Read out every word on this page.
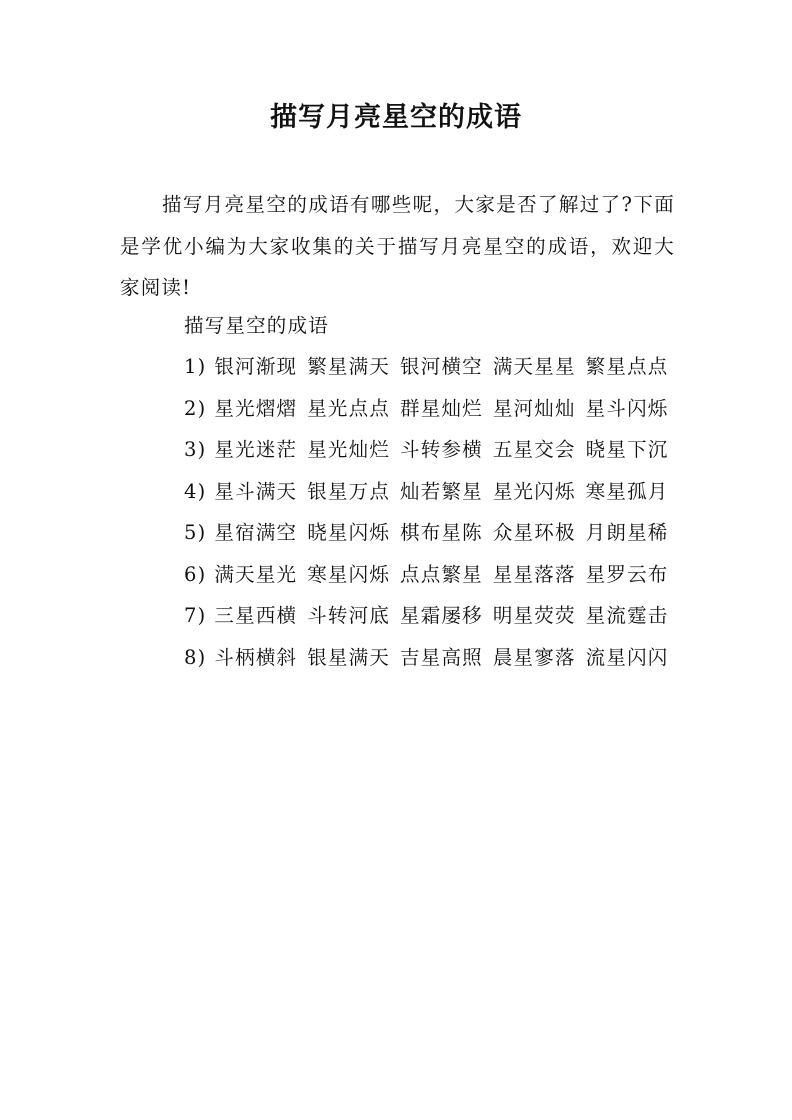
描写月亮星空的成语

描写月亮星空的成语有哪些呢，大家是否了解过了?下面是学优小编为大家收集的关于描写月亮星空的成语，欢迎大家阅读!

描写星空的成语

1) 银河渐现 繁星满天 银河横空 满天星星 繁星点点
2) 星光熠熠 星光点点 群星灿烂 星河灿灿 星斗闪烁
3) 星光迷茫 星光灿烂 斗转参横 五星交会 晓星下沉
4) 星斗满天 银星万点 灿若繁星 星光闪烁 寒星孤月
5) 星宿满空 晓星闪烁 棋布星陈 众星环极 月朗星稀
6) 满天星光 寒星闪烁 点点繁星 星星落落 星罗云布
7) 三星西横 斗转河底 星霜屡移 明星荧荧 星流霆击
8) 斗柄横斜 银星满天 吉星高照 晨星寥落 流星闪闪
